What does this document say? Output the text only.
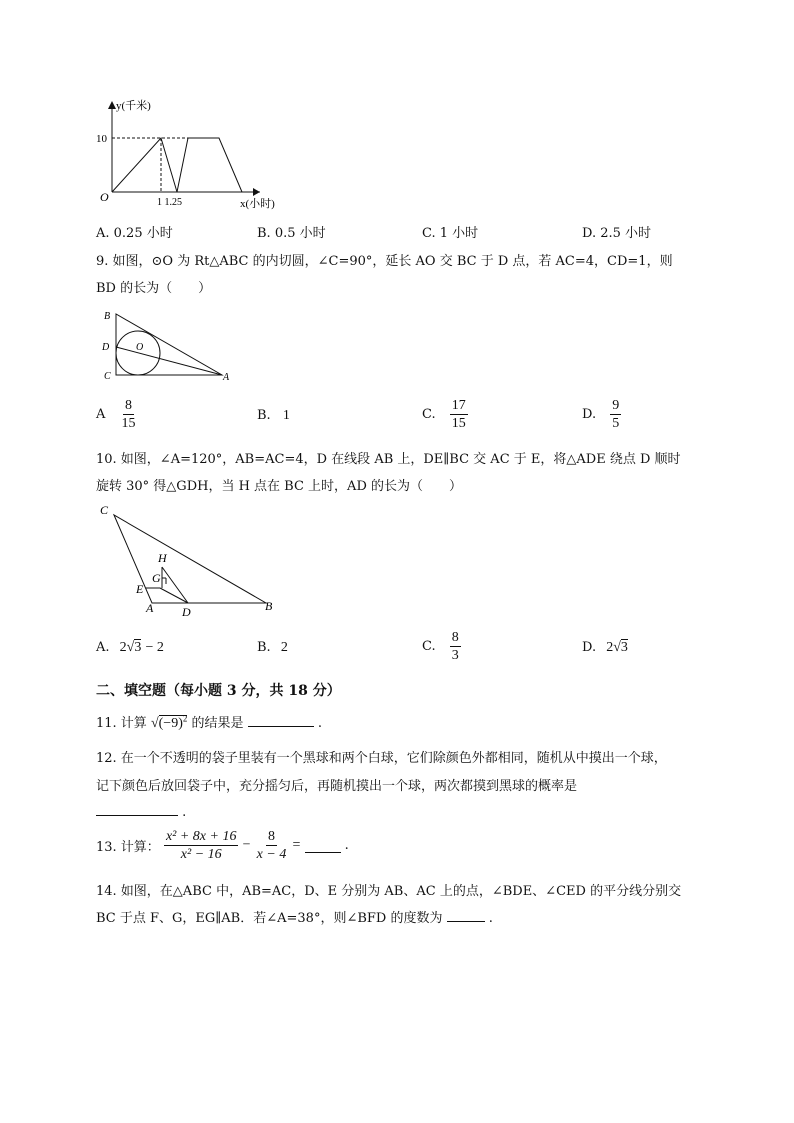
y(千米)
10
O	1 1.25	x(小时)
A. 0.25 小时	B. 0.5 小时	C. 1 小时	D. 2.5 小时
9. 如图，⊙O 为 Rt△ABC 的内切圆，∠C=90°，延长 AO 交 BC 于 D 点，若 AC=4，CD=1，则
BD 的长为（　　）
B
D	O
C	A
A $\frac{8}{15}$	B. 1	C. $\frac{17}{15}$	D. $\frac{9}{5}$
10. 如图，∠A=120°，AB=AC=4，D 在线段 AB 上，DE∥BC 交 AC 于 E，将△ADE 绕点 D 顺时
旋转 30° 得△GDH，当 H 点在 BC 上时，AD 的长为（　　）
C
H
G
E
A D	B
A. 2√3 − 2	B. 2	C. $\frac{8}{3}$	D. 2√3
二、填空题（每小题 3 分，共 18 分）
11. 计算 $√(-9)^2$ 的结果是	.
12. 在一个不透明的袋子里装有一个黑球和两个白球，它们除颜色外都相同，随机从中摸出一个球，
记下颜色后放回袋子中，充分摇匀后，再随机摸出一个球，两次都摸到黑球的概率是
.
13. 计算： $\frac{\text{x² + 8x + 16}}{\text{x² − 16}} - \frac{8}{x - 4}$ =	.
14. 如图，在△ABC 中，AB=AC，D、E 分别为 AB、AC 上的点，∠BDE、∠CED 的平分线分别交
BC 于点 F、G，EG∥AB．若∠A=38°，则∠BFD 的度数为	.
